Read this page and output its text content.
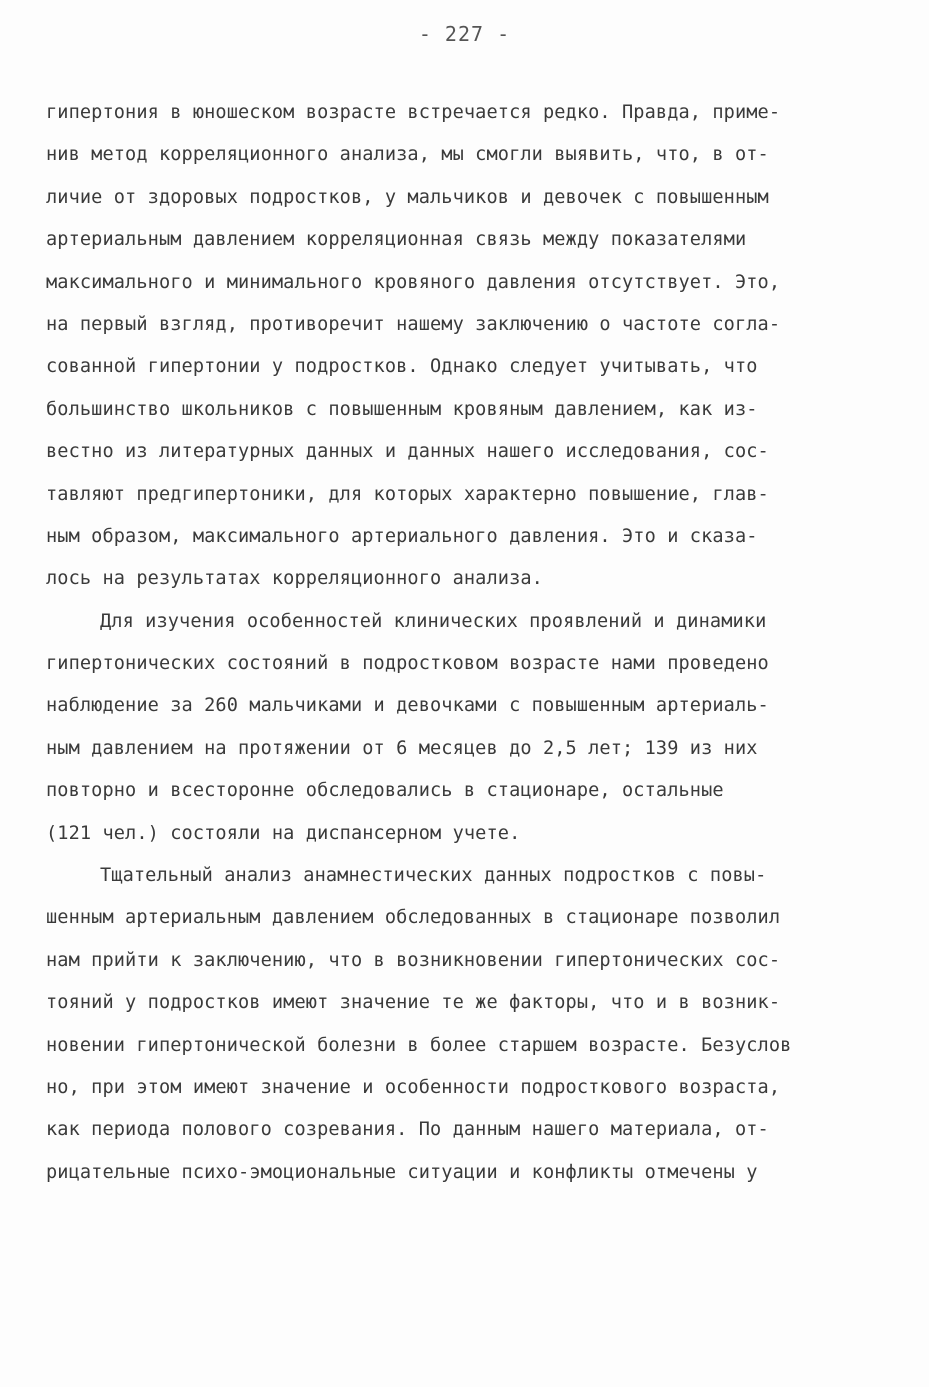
- 227 -
гипертония в юношеском возрасте встречается редко. Правда, приме-
нив метод корреляционного анализа, мы смогли выявить, что, в от-
личие от здоровых подростков, у мальчиков и девочек с повышенным
артериальным давлением корреляционная связь между показателями
максимального и минимального кровяного давления отсутствует. Это,
на первый взгляд, противоречит нашему заключению о частоте согла-
сованной гипертонии у подростков. Однако следует учитывать, что
большинство школьников с повышенным кровяным давлением, как из-
вестно из литературных данных и данных нашего исследования, сос-
тавляют предгипертоники, для которых характерно повышение, глав-
ным образом, максимального артериального давления. Это и сказа-
лось на результатах корреляционного анализа.
Для изучения особенностей клинических проявлений и динамики
гипертонических состояний в подростковом возрасте нами проведено
наблюдение за 260 мальчиками и девочками с повышенным артериаль-
ным давлением на протяжении от 6 месяцев до 2,5 лет; 139 из них
повторно и всесторонне обследовались в стационаре, остальные
(121 чел.) состояли на диспансерном учете.
Тщательный анализ анамнестических данных подростков с повы-
шенным артериальным давлением обследованных в стационаре позволил
нам прийти к заключению, что в возникновении гипертонических сос-
тояний у подростков имеют значение те же факторы, что и в возник-
новении гипертонической болезни в более старшем возрасте. Безуслов
но, при этом имеют значение и особенности подросткового возраста,
как периода полового созревания. По данным нашего материала, от-
рицательные психо-эмоциональные ситуации и конфликты отмечены у
